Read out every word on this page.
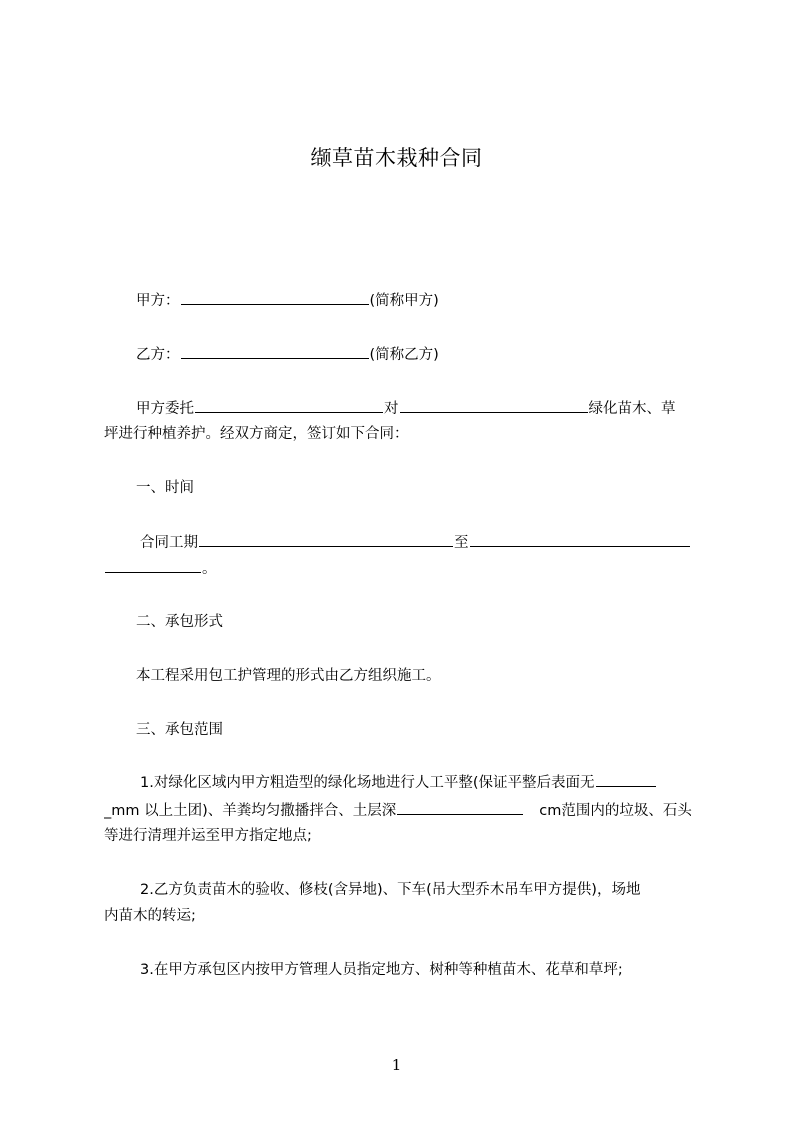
缬草苗木栽种合同
甲方：	(简称甲方)
乙方：	(简称乙方)
甲方委托	对	绿化苗木、草
坪进行种植养护。经双方商定，签订如下合同：
一、时间
合同工期	至
。
二、承包形式
本工程采用包工护管理的形式由乙方组织施工。
三、承包范围
1.对绿化区域内甲方粗造型的绿化场地进行人工平整(保证平整后表面无
_mm 以上土团)、羊粪均匀撒播拌合、土层深	cm范围内的垃圾、石头
等进行清理并运至甲方指定地点;
2.乙方负责苗木的验收、修枝(含异地)、下车(吊大型乔木吊车甲方提供)，场地
内苗木的转运;
3.在甲方承包区内按甲方管理人员指定地方、树种等种植苗木、花草和草坪;
1
